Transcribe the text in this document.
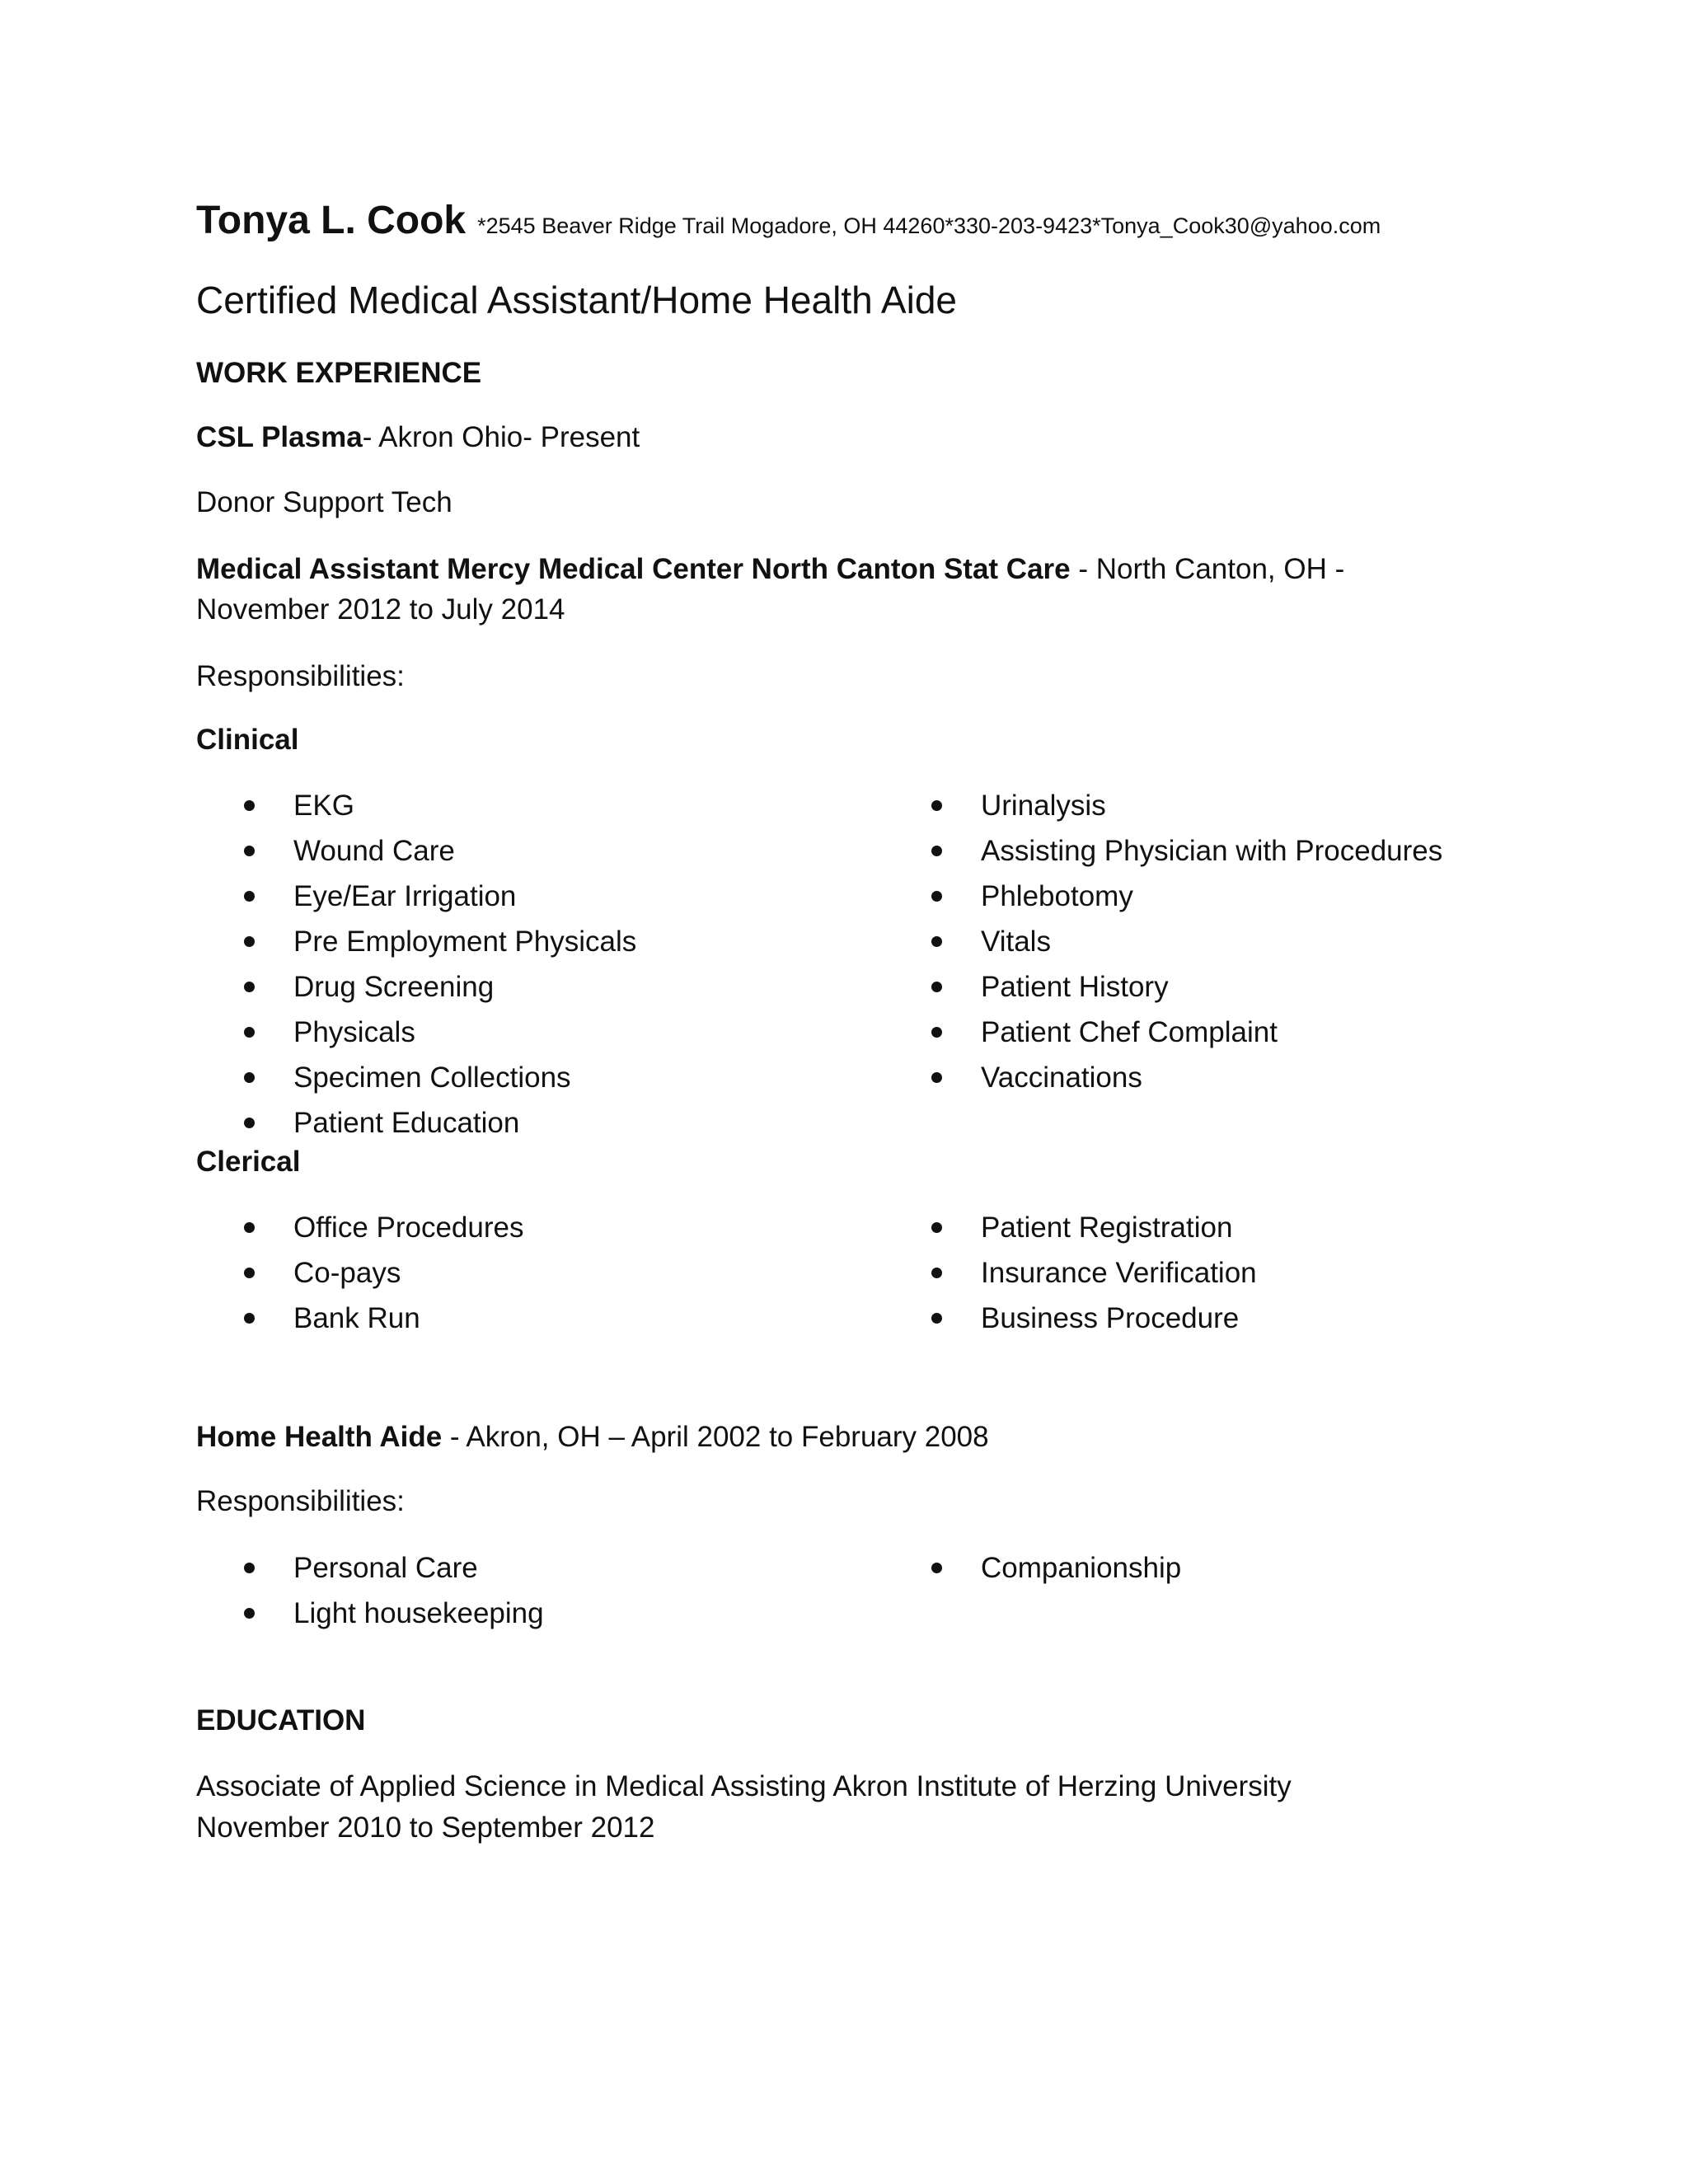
Tonya L. Cook *2545 Beaver Ridge Trail Mogadore, OH 44260*330-203-9423*Tonya_Cook30@yahoo.com
Certified Medical Assistant/Home Health Aide
WORK EXPERIENCE
CSL Plasma- Akron Ohio- Present
Donor Support Tech
Medical Assistant Mercy Medical Center North Canton Stat Care - North Canton, OH -
November 2012 to July 2014
Responsibilities:
Clinical
EKG
Wound Care
Eye/Ear Irrigation
Pre Employment Physicals
Drug Screening
Physicals
Specimen Collections
Patient Education
Urinalysis
Assisting Physician with Procedures
Phlebotomy
Vitals
Patient History
Patient Chef Complaint
Vaccinations
Clerical
Office Procedures
Co-pays
Bank Run
Patient Registration
Insurance Verification
Business Procedure
Home Health Aide - Akron, OH – April 2002 to February 2008
Responsibilities:
Personal Care
Light housekeeping
Companionship
EDUCATION
Associate of Applied Science in Medical Assisting Akron Institute of Herzing University
November 2010 to September 2012
